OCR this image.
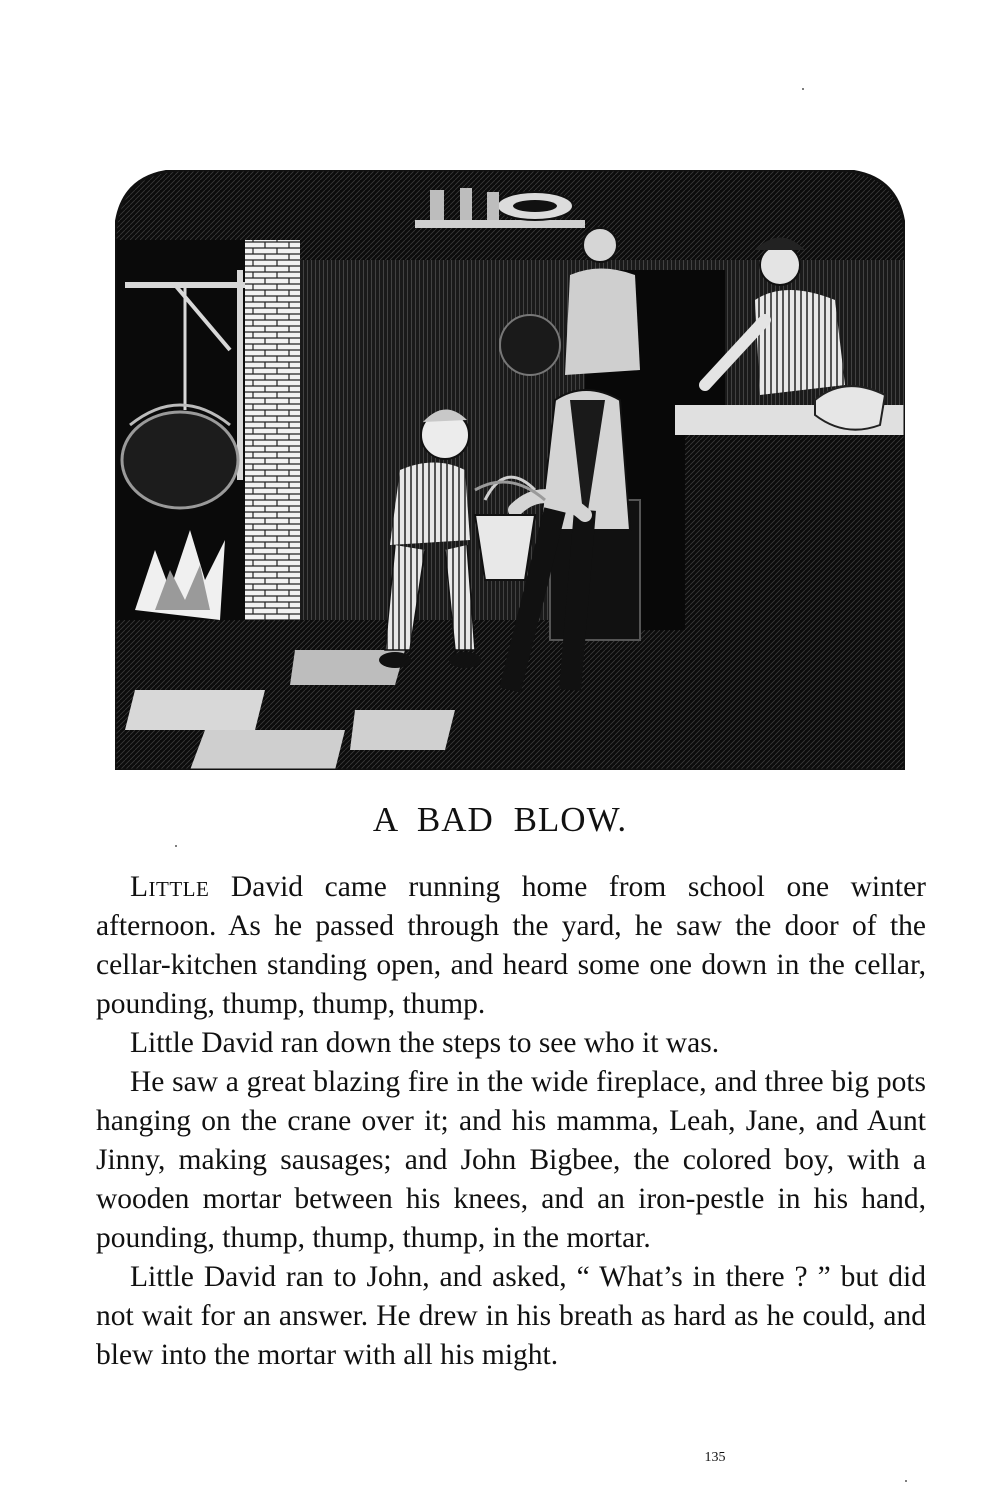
A BAD BLOW.

Little David came running home from school one winter afternoon. As he passed through the yard, he saw the door of the cellar-kitchen standing open, and heard some one down in the cellar, pounding, thump, thump, thump.

Little David ran down the steps to see who it was.

He saw a great blazing fire in the wide fireplace, and three big pots hanging on the crane over it; and his mamma, Leah, Jane, and Aunt Jinny, making sausages; and John Bigbee, the colored boy, with a wooden mortar between his knees, and an iron-pestle in his hand, pounding, thump, thump, thump, in the mortar.

Little David ran to John, and asked, “ What’s in there ? ” but did not wait for an answer. He drew in his breath as hard as he could, and blew into the mortar with all his might.

135
